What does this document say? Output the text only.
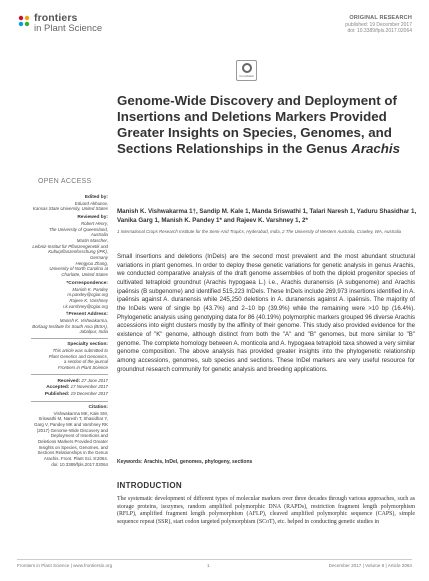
frontiers
in Plant Science
ORIGINAL RESEARCH
published: 19 December 2017
doi: 10.3389/fpls.2017.02064
CrossMark
Genome-Wide Discovery and Deployment of Insertions and Deletions Markers Provided Greater Insights on Species, Genomes, and Sections Relationships in the Genus Arachis
OPEN ACCESS
Edited by:
Eduard Akhunov,
Kansas State University, United States
Reviewed by:
Robert Henry,
The University of Queensland,
Australia
Martin Mascher,
Leibniz-Institut für Pflanzengenetik und
Kulturpflanzenforschung (IPK),
Germany
Hengyou Zhang,
University of North Carolina at
Charlotte, United States
*Correspondence:
Manish K. Pandey
m.pandey@cgiar.org
Rajeev K. Varshney
r.k.varshney@cgiar.org
†Present Address:
Manish K. Vishwakarma,
Borlaug Institute for South Asia (BISA),
Jabalpur, India
Specialty section:
This article was submitted to
Plant Genetics and Genomics,
a section of the journal
Frontiers in Plant Science
Received: 27 June 2017
Accepted: 17 November 2017
Published: 19 December 2017
Citation:
Vishwakarma MK, Kale SM,
Sriswathi M, Naresh T, Shasidhar Y,
Garg V, Pandey MK and Varshney RK
(2017) Genome-Wide Discovery and
Deployment of Insertions and
Deletions Markers Provided Greater
Insights on Species, Genomes, and
Sections Relationships in the Genus
Arachis. Front. Plant Sci. 8:2064.
doi: 10.3389/fpls.2017.02064
Manish K. Vishwakarma 1†, Sandip M. Kale 1, Manda Sriswathi 1, Talari Naresh 1, Yaduru Shasidhar 1, Vanika Garg 1, Manish K. Pandey 1* and Rajeev K. Varshney 1, 2*
1 International Crops Research Institute for the Semi-Arid Tropics, Hyderabad, India, 2 The University of Western Australia, Crawley, WA, Australia

Small insertions and deletions (InDels) are the second most prevalent and the most abundant structural variations in plant genomes. In order to deploy these genetic variations for genetic analysis in genus Arachis, we conducted comparative analysis of the draft genome assemblies of both the diploid progenitor species of cultivated tetraploid groundnut (Arachis hypogaea L.) i.e., Arachis duranensis (A subgenome) and Arachis ipaënsis (B subgenome) and identified 515,223 InDels. These InDels include 269,973 insertions identified in A. ipaënsis against A. duranensis while 245,250 deletions in A. duranensis against A. ipaënsis. The majority of the InDels were of single bp (43.7%) and 2–10 bp (39.9%) while the remaining were >10 bp (16.4%). Phylogenetic analysis using genotyping data for 86 (40.19%) polymorphic markers grouped 96 diverse Arachis accessions into eight clusters mostly by the affinity of their genome. This study also provided evidence for the existence of "K" genome, although distinct from both the "A" and "B" genomes, but more similar to "B" genome. The complete homology between A. monticola and A. hypogaea tetraploid taxa showed a very similar genome composition. The above analysis has provided greater insights into the phylogenetic relationship among accessions, genomes, sub species and sections. These InDel markers are very useful resource for groundnut research community for genetic analysis and breeding applications.

Keywords: Arachis, InDel, genomes, phylogeny, sections
INTRODUCTION
The systematic development of different types of molecular markers over three decades through various approaches, such as storage proteins, isozymes, random amplified polymorphic DNA (RAPDs), restriction fragment length polymorphism (RFLP), amplified fragment length polymorphism (AFLP), cleaved amplified polymorphic sequence (CAPS), simple sequence repeat (SSR), start codon targeted polymorphism (SCoT), etc. helped in conducting genetic studies in
Frontiers in Plant Science | www.frontiersin.org	1	December 2017 | Volume 8 | Article 2064
